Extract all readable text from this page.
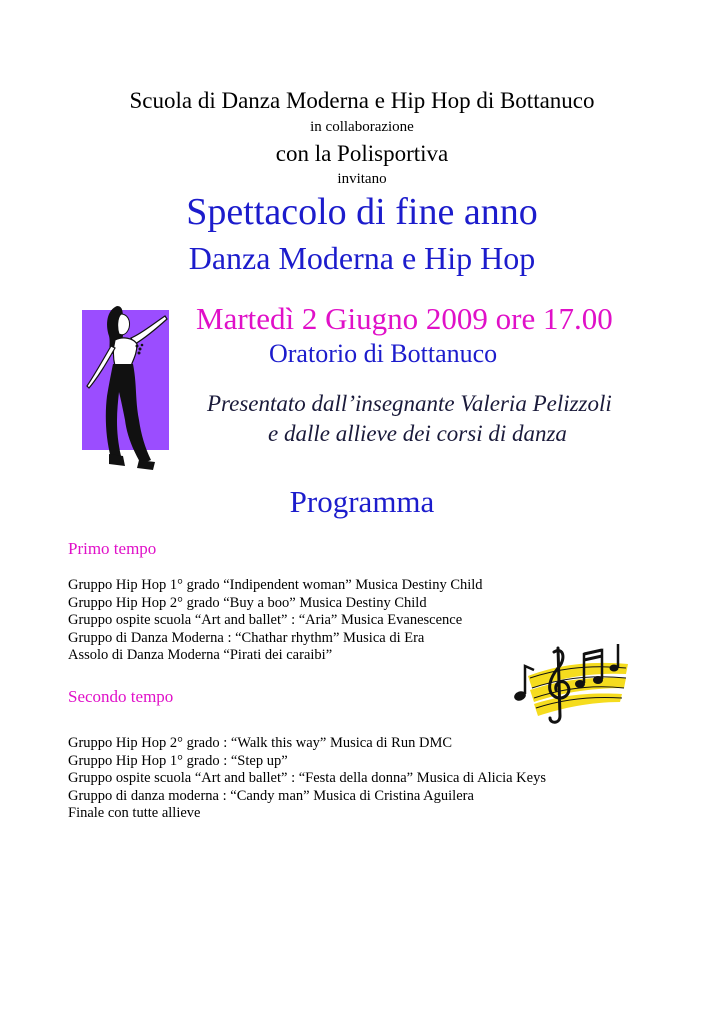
Scuola di Danza Moderna e Hip Hop di Bottanuco
in collaborazione
con la Polisportiva
invitano
Spettacolo di fine anno
Danza Moderna e Hip Hop
Martedì 2 Giugno 2009 ore 17.00
Oratorio di Bottanuco
Presentato dall’insegnante Valeria Pelizzoli
e dalle allieve dei corsi di danza
Programma
Primo tempo
Gruppo Hip Hop 1° grado “Indipendent woman” Musica Destiny Child
Gruppo Hip Hop 2° grado “Buy a boo” Musica Destiny Child
Gruppo ospite scuola “Art and ballet” : “Aria” Musica Evanescence
Gruppo di Danza Moderna : “Chathar rhythm” Musica di Era
Assolo di Danza Moderna “Pirati dei caraibi”
Secondo tempo
Gruppo Hip Hop 2° grado : “Walk this way” Musica di Run DMC
Gruppo Hip Hop 1° grado : “Step up”
Gruppo ospite scuola “Art and ballet” : “Festa della donna” Musica di Alicia Keys
Gruppo di danza moderna : “Candy man” Musica di Cristina Aguilera
Finale con tutte allieve
